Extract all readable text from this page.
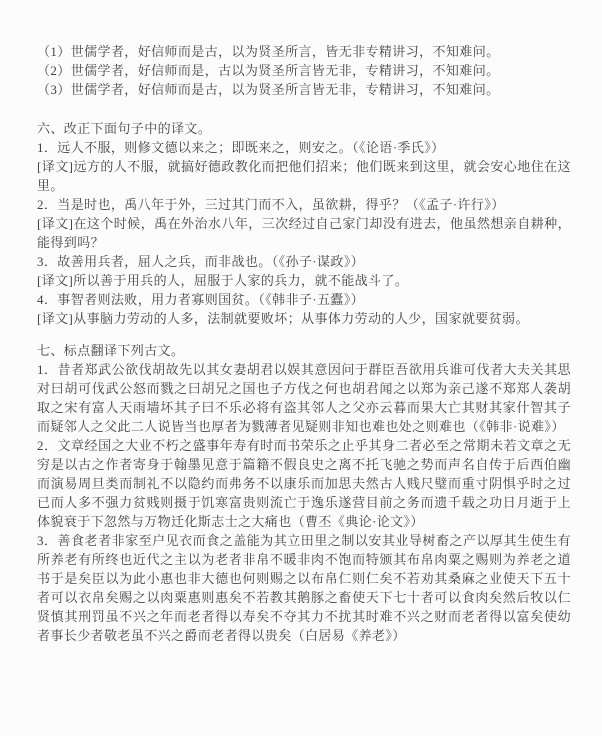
（1）世儒学者，好信师而是古，以为贤圣所言，皆无非专精讲习，不知难问。

（2）世儒学者，好信师而是，古以为贤圣所言皆无非，专精讲习，不知难问。

（3）世儒学者，好信师而是古，以为贤圣所言皆无非，专精讲习，不知难问。

六、改正下面句子中的译文。

1．远人不服，则修文德以来之；即既来之，则安之。（《论语·季氏》）

[译文]远方的人不服，就搞好德政教化而把他们招来；他们既来到这里，就会安心地住在这里。

2．当是时也，禹八年于外，三过其门而不入，虽欲耕，得乎？（《孟子·许行》）

[译文]在这个时候，禹在外治水八年，三次经过自己家门却没有进去，他虽然想亲自耕种，能得到吗？

3．故善用兵者，屈人之兵，而非战也。（《孙子·谋政》）

[译文]所以善于用兵的人，屈服于人家的兵力，就不能战斗了。

4．事智者则法败，用力者寡则国贫。（《韩非子·五蠹》）

[译文]从事脑力劳动的人多，法制就要败坏；从事体力劳动的人少，国家就要贫弱。

七、标点翻译下列古文。

1．昔者郑武公欲伐胡故先以其女妻胡君以娱其意因问于群臣吾欲用兵谁可伐者大夫关其思对曰胡可伐武公怒而戮之曰胡兄之国也子方伐之何也胡君闻之以郑为亲己遂不郑郑人袭胡取之宋有富人天雨墙坏其子曰不乐必将有盗其邻人之父亦云暮而果大亡其财其家什智其子而疑邻人之父此二人说皆当也厚者为戮薄者见疑则非知也难也处之则难也（《韩非·说难》）

2．文章经国之大业不朽之盛事年寿有时而书荣乐之止乎其身二者必至之常期未若文章之无穷是以古之作者寄身于翰墨见意于篇籍不假良史之离不托飞驰之势而声名自传于后西伯幽而演易周旦类而制礼不以隐约而弗务不以康乐而加思夫然古人贱尺璧而重寸阴惧乎时之过已而人多不强力贫贱则摄于饥寒富贵则流亡于逸乐遂营目前之务而遗千载之功日月逝于上体貌衰于下忽然与万物迁化斯志士之大痛也（曹丕《典论·论文》）

3．善食老者非家至户见衣而食之盖能为其立田里之制以安其业导树畜之产以厚其生使生有所养老有所终也近代之主以为老者非帛不暖非肉不饱而特颁其布帛肉粟之赐则为养老之道书于是矣臣以为此小惠也非大德也何则赐之以布帛仁则仁矣不若劝其桑麻之业使天下五十者可以衣帛矣赐之以肉粟惠则惠矣不若教其鹅豚之畜使天下七十者可以食肉矣然后牧以仁贤慎其刑罚虽不兴之年而老者得以寿矣不夺其力不扰其时难不兴之财而老者得以富矣使幼者事长少者敬老虽不兴之爵而老者得以贵矣（白居易《养老》）
